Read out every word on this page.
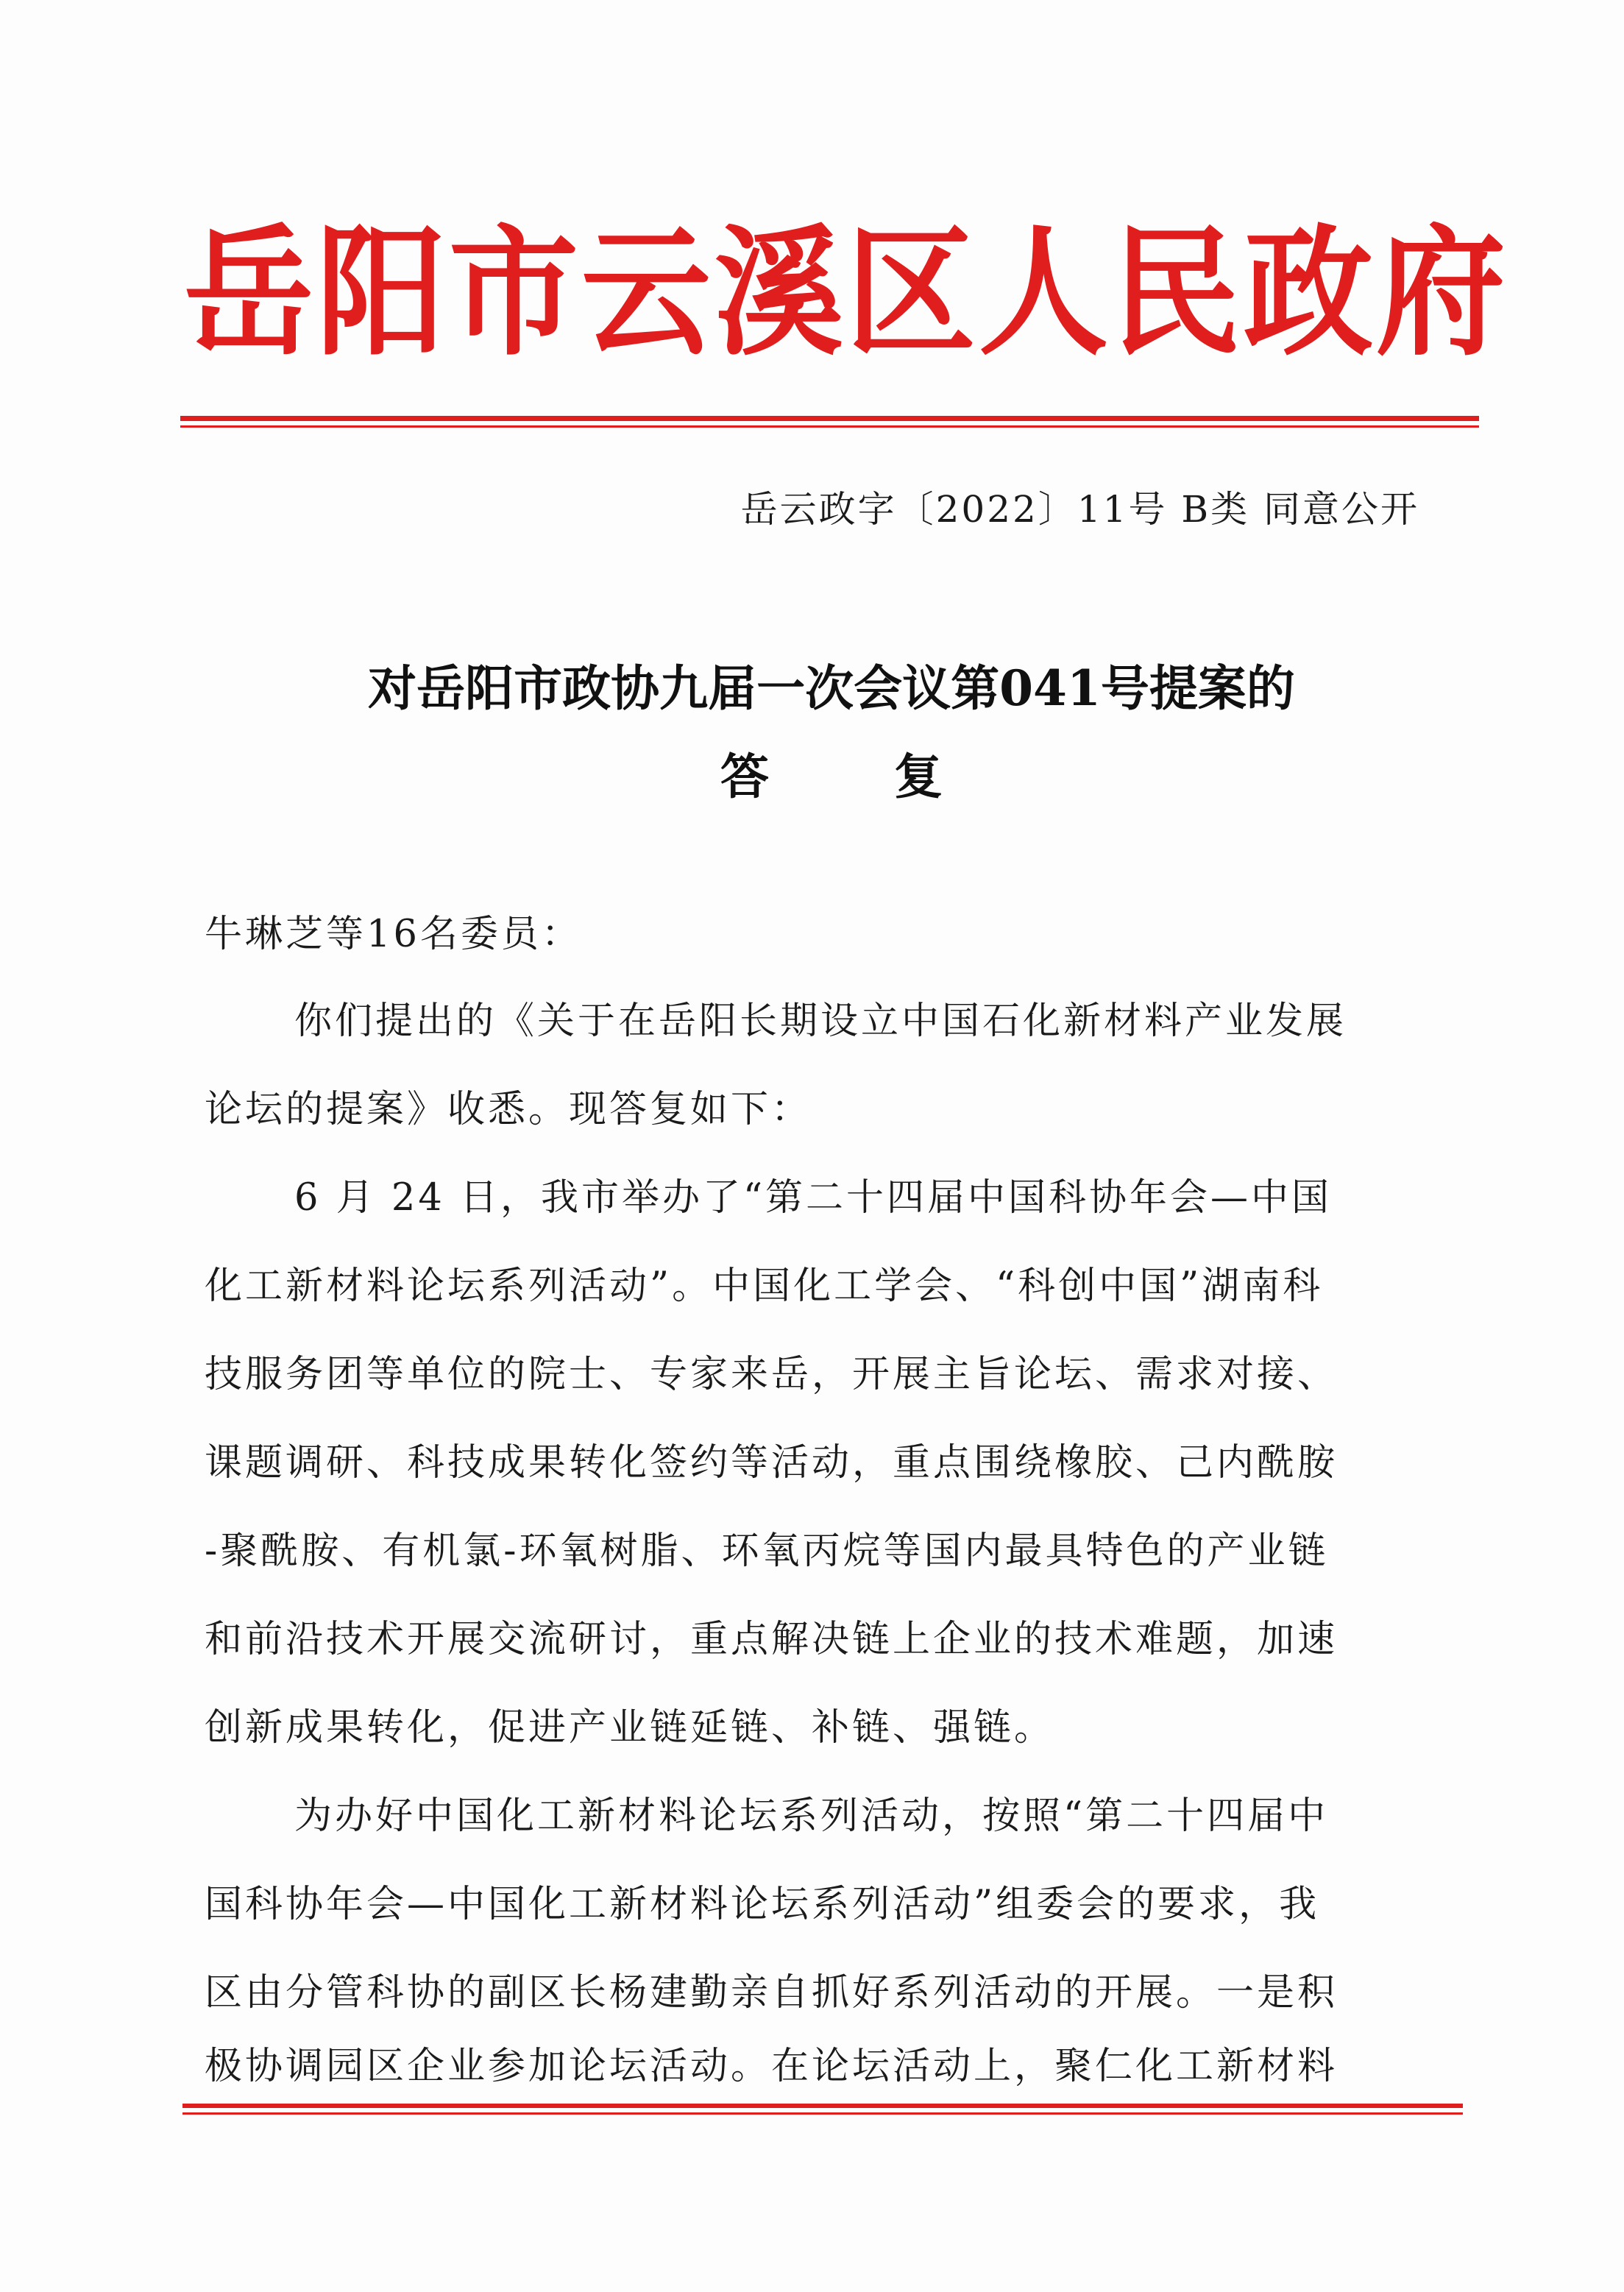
岳阳市云溪区人民政府
岳云政字〔2022〕11号 B类 同意公开
对岳阳市政协九届一次会议第041号提案的
答复
牛琳芝等16名委员：
你们提出的《关于在岳阳长期设立中国石化新材料产业发展
论坛的提案》收悉。现答复如下：
6 月 24 日，我市举办了“第二十四届中国科协年会—中国
化工新材料论坛系列活动”。中国化工学会、“科创中国”湖南科
技服务团等单位的院士、专家来岳，开展主旨论坛、需求对接、
课题调研、科技成果转化签约等活动，重点围绕橡胶、己内酰胺
-聚酰胺、有机氯-环氧树脂、环氧丙烷等国内最具特色的产业链
和前沿技术开展交流研讨，重点解决链上企业的技术难题，加速
创新成果转化，促进产业链延链、补链、强链。
为办好中国化工新材料论坛系列活动，按照“第二十四届中
国科协年会—中国化工新材料论坛系列活动”组委会的要求，我
区由分管科协的副区长杨建勤亲自抓好系列活动的开展。一是积
极协调园区企业参加论坛活动。在论坛活动上，聚仁化工新材料
